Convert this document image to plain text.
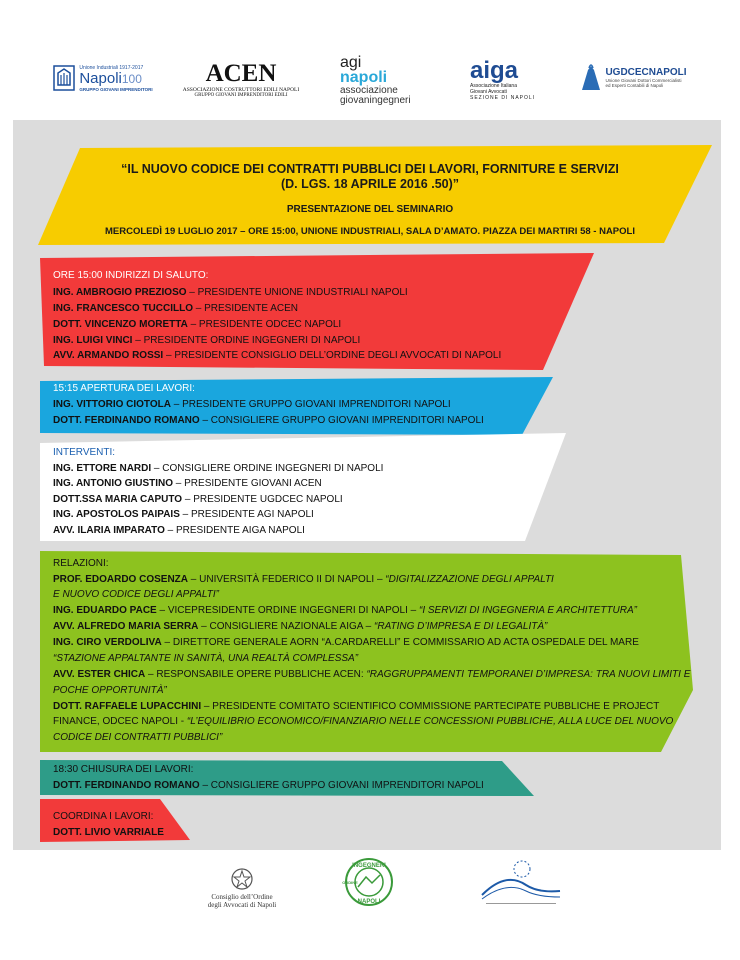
Unione Industriali 1917-2017
Napoli100
GRUPPO GIOVANI IMPRENDITORI
ACEN
ASSOCIAZIONE COSTRUTTORI EDILI NAPOLI
GRUPPO GIOVANI IMPRENDITORI EDILI
agi
napoli
associazione
giovaningegneri
aiga
Associazione Italiana
Giovani Avvocati
SEZIONE DI NAPOLI
UGDCECNAPOLI
Unione Giovani Dottori Commercialisti
ed Esperti Contabili di Napoli
“IL NUOVO CODICE DEI CONTRATTI PUBBLICI DEI LAVORI, FORNITURE E SERVIZI
(D. LGS. 18 APRILE 2016 .50)”
PRESENTAZIONE DEL SEMINARIO
MERCOLEDÌ 19 LUGLIO 2017 – ORE 15:00, UNIONE INDUSTRIALI, SALA D’AMATO. PIAZZA DEI MARTIRI 58 - NAPOLI
ORE 15:00 INDIRIZZI DI SALUTO:
ING. AMBROGIO PREZIOSO – PRESIDENTE UNIONE INDUSTRIALI NAPOLI
ING. FRANCESCO TUCCILLO – PRESIDENTE ACEN
DOTT. VINCENZO MORETTA – PRESIDENTE ODCEC NAPOLI
ING. LUIGI VINCI – PRESIDENTE ORDINE INGEGNERI DI NAPOLI
AVV. ARMANDO ROSSI – PRESIDENTE CONSIGLIO DELL’ORDINE DEGLI AVVOCATI DI NAPOLI
15:15 APERTURA DEI LAVORI:
ING. VITTORIO CIOTOLA – PRESIDENTE GRUPPO GIOVANI IMPRENDITORI NAPOLI
DOTT. FERDINANDO ROMANO – CONSIGLIERE GRUPPO GIOVANI IMPRENDITORI NAPOLI
INTERVENTI:
ING. ETTORE NARDI – CONSIGLIERE ORDINE INGEGNERI DI NAPOLI
ING. ANTONIO GIUSTINO – PRESIDENTE GIOVANI ACEN
DOTT.SSA MARIA CAPUTO – PRESIDENTE UGDCEC NAPOLI
ING. APOSTOLOS PAIPAIS – PRESIDENTE AGI NAPOLI
AVV. ILARIA IMPARATO – PRESIDENTE AIGA NAPOLI
RELAZIONI:
PROF. EDOARDO COSENZA – UNIVERSITÀ FEDERICO II DI NAPOLI – “DIGITALIZZAZIONE DEGLI APPALTI
E NUOVO CODICE DEGLI APPALTI”
ING. EDUARDO PACE – VICEPRESIDENTE ORDINE INGEGNERI DI NAPOLI – “I SERVIZI DI INGEGNERIA E ARCHITETTURA”
AVV. ALFREDO MARIA SERRA – CONSIGLIERE NAZIONALE AIGA – “RATING D’IMPRESA E DI LEGALITÀ”
ING. CIRO VERDOLIVA – DIRETTORE GENERALE AORN “A.CARDARELLI” E COMMISSARIO AD ACTA OSPEDALE DEL MARE
“STAZIONE APPALTANTE IN SANITÀ, UNA REALTÀ COMPLESSA”
AVV. ESTER CHICA – RESPONSABILE OPERE PUBBLICHE ACEN: “RAGGRUPPAMENTI TEMPORANEI D’IMPRESA: TRA NUOVI LIMITI E
POCHE OPPORTUNITÀ”
DOTT. RAFFAELE LUPACCHINI – PRESIDENTE COMITATO SCIENTIFICO COMMISSIONE PARTECIPATE PUBBLICHE E PROJECT
FINANCE, ODCEC NAPOLI - “L’EQUILIBRIO ECONOMICO/FINANZIARIO NELLE CONCESSIONI PUBBLICHE, ALLA LUCE DEL NUOVO
CODICE DEI CONTRATTI PUBBLICI”
18:30 CHIUSURA DEI LAVORI:
DOTT. FERDINANDO ROMANO – CONSIGLIERE GRUPPO GIOVANI IMPRENDITORI NAPOLI
COORDINA I LAVORI:
DOTT. LIVIO VARRIALE
Consiglio dell’Ordine
degli Avvocati di Napoli
INGEGNERI
NAPOLI
ORDINE
